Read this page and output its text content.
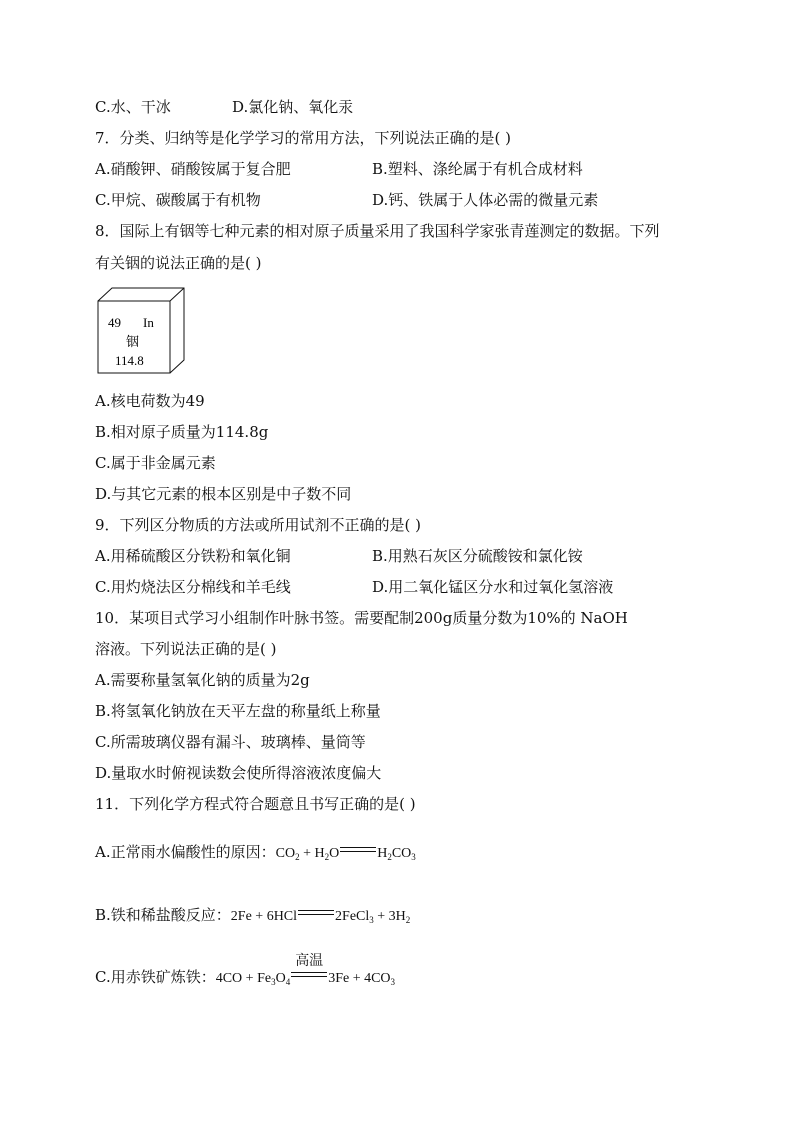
C.水、干冰	D.氯化钠、氧化汞
7．分类、归纳等是化学学习的常用方法，下列说法正确的是( )
A.硝酸钾、硝酸铵属于复合肥	B.塑料、涤纶属于有机合成材料
C.甲烷、碳酸属于有机物	D.钙、铁属于人体必需的微量元素
8．国际上有铟等七种元素的相对原子质量采用了我国科学家张青莲测定的数据。下列
有关铟的说法正确的是( )
49 In
铟
114.8
A.核电荷数为49
B.相对原子质量为114.8g
C.属于非金属元素
D.与其它元素的根本区别是中子数不同
9．下列区分物质的方法或所用试剂不正确的是( )
A.用稀硫酸区分铁粉和氧化铜	B.用熟石灰区分硫酸铵和氯化铵
C.用灼烧法区分棉线和羊毛线	D.用二氧化锰区分水和过氧化氢溶液
10．某项目式学习小组制作叶脉书签。需要配制200g质量分数为10%的 NaOH
溶液。下列说法正确的是( )
A.需要称量氢氧化钠的质量为2g
B.将氢氧化钠放在天平左盘的称量纸上称量
C.所需玻璃仪器有漏斗、玻璃棒、量筒等
D.量取水时俯视读数会使所得溶液浓度偏大
11．下列化学方程式符合题意且书写正确的是( )
A.正常雨水偏酸性的原因：$CO_2 + H_2O$	$H_2CO_3$
B.铁和稀盐酸反应：2Fe + 6HCl	2FeCl$_3$ + $3H_2$
C.用赤铁矿炼铁：$4CO + Fe_3O_4$
高温
$3Fe + 4CO_3$
